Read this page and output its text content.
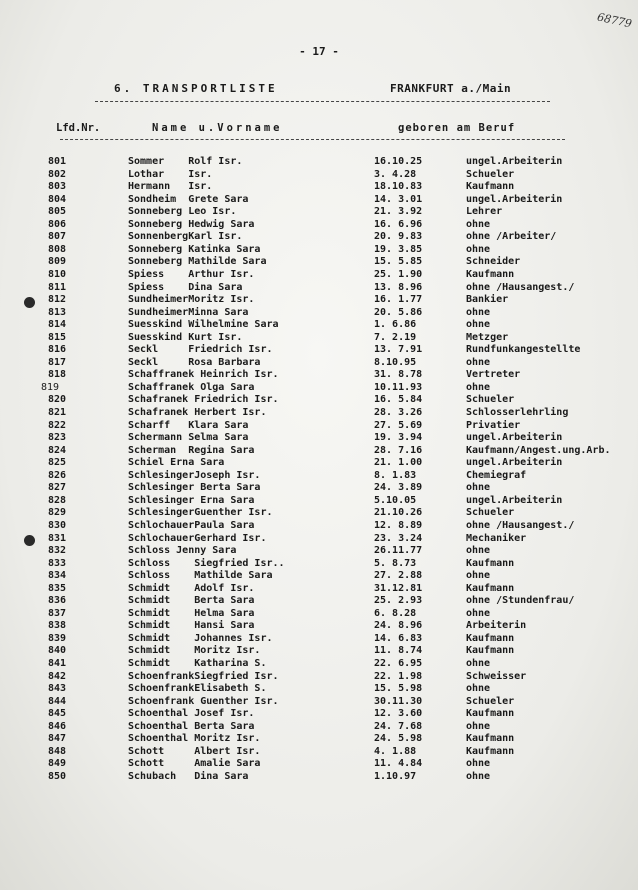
68779
- 17 -
6. TRANSPORTLISTE	FRANKFURT a./Main
Lfd.Nr.	Name u.Vorname	geboren am Beruf
801	Sommer    Rolf Isr.	16.10.25	ungel.Arbeiterin
802	Lothar    Isr.	3. 4.28	Schueler
803	Hermann   Isr.	18.10.83	Kaufmann
804	Sondheim  Grete Sara	14. 3.01	ungel.Arbeiterin
805	Sonneberg Leo Isr.	21. 3.92	Lehrer
806	Sonneberg Hedwig Sara	16. 6.96	ohne
807	SonnenbergKarl Isr.	20. 9.83	ohne /Arbeiter/
808	Sonneberg Katinka Sara	19. 3.85	ohne
809	Sonneberg Mathilde Sara	15. 5.85	Schneider
810	Spiess    Arthur Isr.	25. 1.90	Kaufmann
811	Spiess    Dina Sara	13. 8.96	ohne /Hausangest./
812	SundheimerMoritz Isr.	16. 1.77	Bankier
813	SundheimerMinna Sara	20. 5.86	ohne
814	Suesskind Wilhelmine Sara	1. 6.86	ohne
815	Suesskind Kurt Isr.	7. 2.19	Metzger
816	Seckl     Friedrich Isr.	13. 7.91	Rundfunkangestellte
817	Seckl     Rosa Barbara	8.10.95	ohne
818	Schaffranek Heinrich Isr.	31. 8.78	Vertreter
819	Schaffranek Olga Sara	10.11.93	ohne
820	Schafranek Friedrich Isr.	16. 5.84	Schueler
821	Schafranek Herbert Isr.	28. 3.26	Schlosserlehrling
822	Scharff   Klara Sara	27. 5.69	Privatier
823	Schermann Selma Sara	19. 3.94	ungel.Arbeiterin
824	Scherman  Regina Sara	28. 7.16	Kaufmann/Angest.ung.Arb.
825	Schiel Erna Sara	21. 1.00	ungel.Arbeiterin
826	SchlesingerJoseph Isr.	8. 1.83	Chemiegraf
827	Schlesinger Berta Sara	24. 3.89	ohne
828	Schlesinger Erna Sara	5.10.05	ungel.Arbeiterin
829	SchlesingerGuenther Isr.	21.10.26	Schueler
830	SchlochauerPaula Sara	12. 8.89	ohne /Hausangest./
831	SchlochauerGerhard Isr.	23. 3.24	Mechaniker
832	Schloss Jenny Sara	26.11.77	ohne
833	Schloss    Siegfried Isr..	5. 8.73	Kaufmann
834	Schloss    Mathilde Sara	27. 2.88	ohne
835	Schmidt    Adolf Isr.	31.12.81	Kaufmann
836	Schmidt    Berta Sara	25. 2.93	ohne /Stundenfrau/
837	Schmidt    Helma Sara	6. 8.28	ohne
838	Schmidt    Hansi Sara	24. 8.96	Arbeiterin
839	Schmidt    Johannes Isr.	14. 6.83	Kaufmann
840	Schmidt    Moritz Isr.	11. 8.74	Kaufmann
841	Schmidt    Katharina S.	22. 6.95	ohne
842	SchoenfrankSiegfried Isr.	22. 1.98	Schweisser
843	SchoenfrankElisabeth S.	15. 5.98	ohne
844	Schoenfrank Guenther Isr.	30.11.30	Schueler
845	Schoenthal Josef Isr.	12. 3.60	Kaufmann
846	Schoenthal Berta Sara	24. 7.68	ohne
847	Schoenthal Moritz Isr.	24. 5.98	Kaufmann
848	Schott     Albert Isr.	4. 1.88	Kaufmann
849	Schott     Amalie Sara	11. 4.84	ohne
850	Schubach   Dina Sara	1.10.97	ohne
